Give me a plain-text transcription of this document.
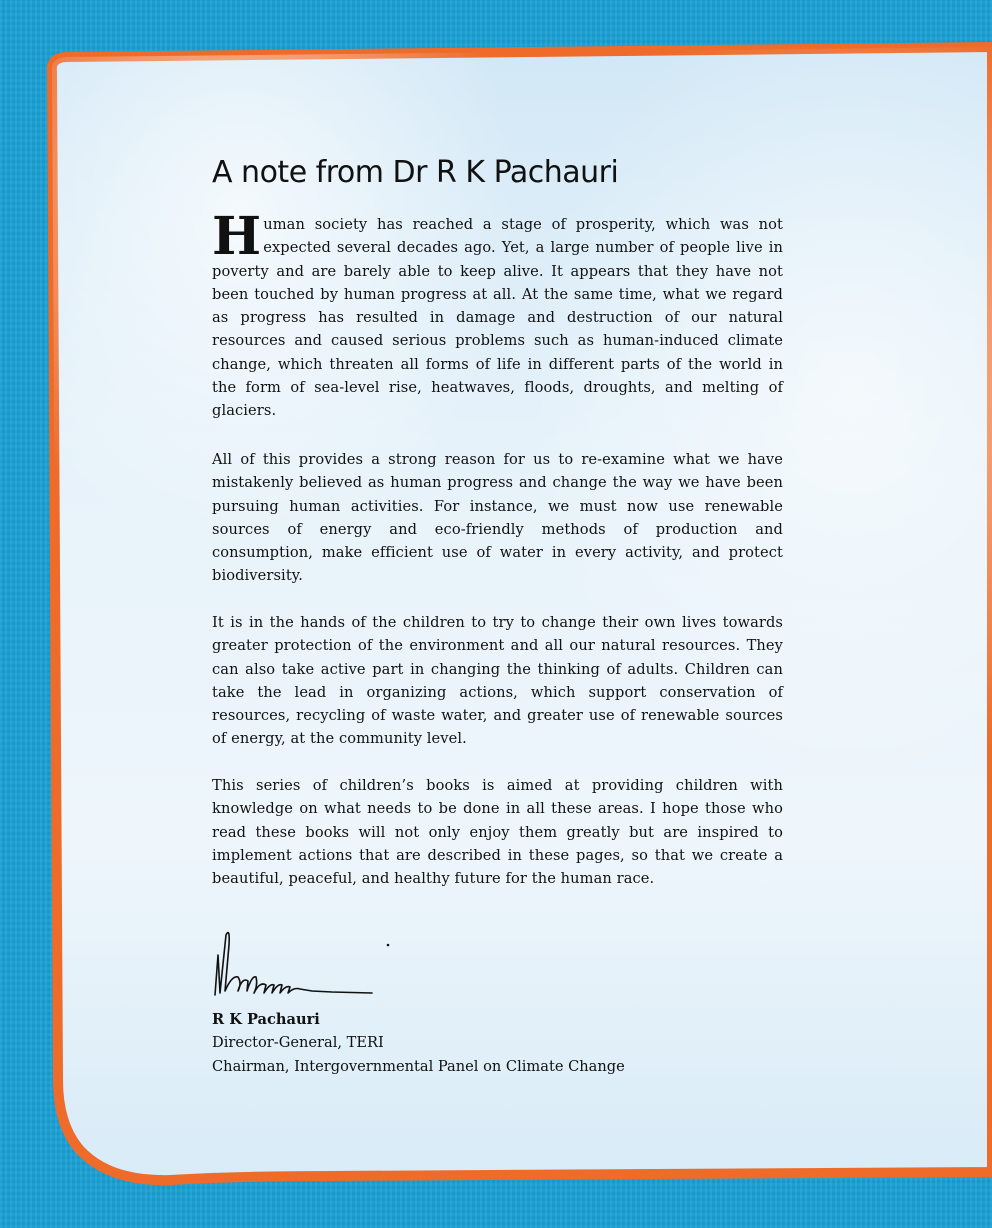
A note from Dr R K Pachauri

Human society has reached a stage of prosperity, which was not expected several decades ago. Yet, a large number of people live in poverty and are barely able to keep alive. It appears that they have not been touched by human progress at all. At the same time, what we regard as progress has resulted in damage and destruction of our natural resources and caused serious problems such as human-induced climate change, which threaten all forms of life in different parts of the world in the form of sea-level rise, heatwaves, floods, droughts, and melting of glaciers.

All of this provides a strong reason for us to re-examine what we have mistakenly believed as human progress and change the way we have been pursuing human activities. For instance, we must now use renewable sources of energy and eco-friendly methods of production and consumption, make efficient use of water in every activity, and protect biodiversity.

It is in the hands of the children to try to change their own lives towards greater protection of the environment and all our natural resources. They can also take active part in changing the thinking of adults. Children can take the lead in organizing actions, which support conservation of resources, recycling of waste water, and greater use of renewable sources of energy, at the community level.

This series of children’s books is aimed at providing children with knowledge on what needs to be done in all these areas. I hope those who read these books will not only enjoy them greatly but are inspired to implement actions that are described in these pages, so that we create a beautiful, peaceful, and healthy future for the human race.

R K Pachauri
Director-General, TERI
Chairman, Intergovernmental Panel on Climate Change
